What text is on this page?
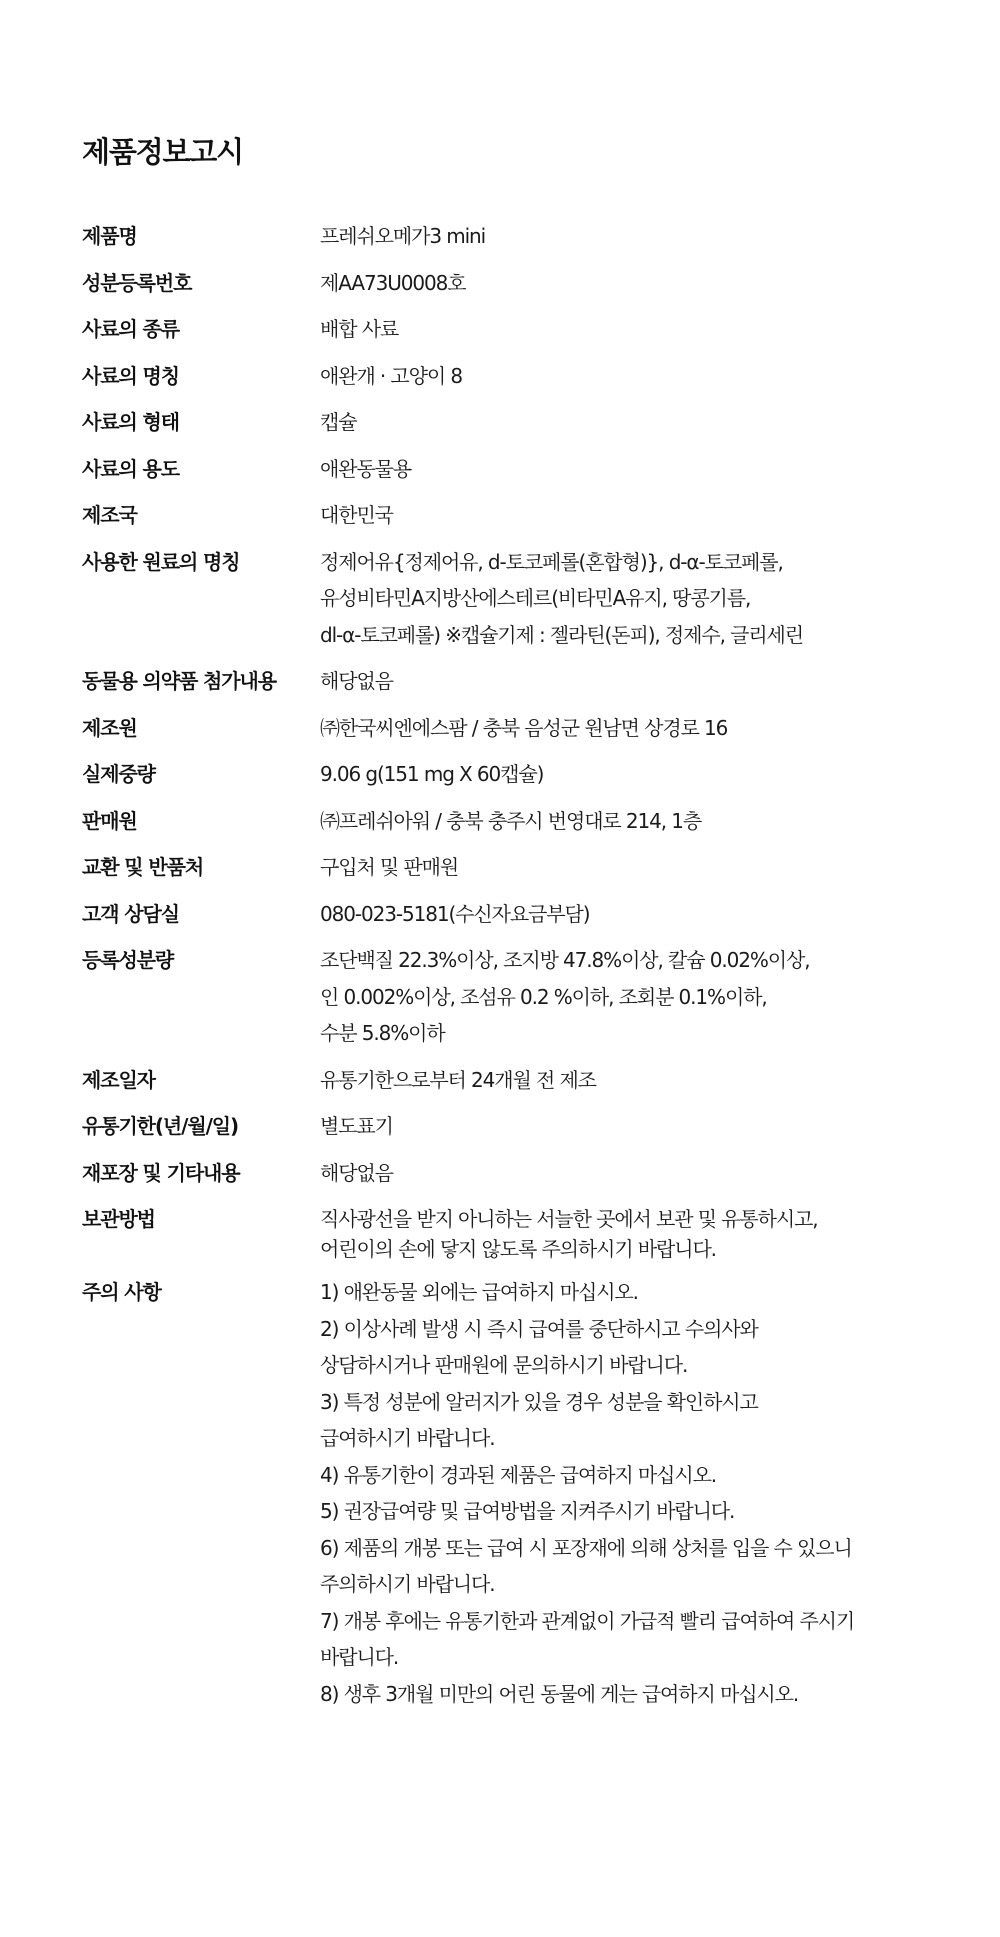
제품정보고시
제품명	프레쉬오메가3 mini
성분등록번호	제AA73U0008호
사료의 종류	배합 사료
사료의 명칭	애완개 · 고양이 8
사료의 형태	캡슐
사료의 용도	애완동물용
제조국	대한민국
사용한 원료의 명칭	정제어유{정제어유, d-토코페롤(혼합형)}, d-α-토코페롤,
유성비타민A지방산에스테르(비타민A유지, 땅콩기름,
dl-α-토코페롤) ※캡슐기제 : 젤라틴(돈피), 정제수, 글리세린
동물용 의약품 첨가내용	해당없음
제조원	㈜한국씨엔에스팜 / 충북 음성군 원남면 상경로 16
실제중량	9.06 g(151 mg X 60캡슐)
판매원	㈜프레쉬아워 / 충북 충주시 번영대로 214, 1층
교환 및 반품처	구입처 및 판매원
고객 상담실	080-023-5181(수신자요금부담)
등록성분량	조단백질 22.3%이상, 조지방 47.8%이상, 칼슘 0.02%이상,
인 0.002%이상, 조섬유 0.2 %이하, 조회분 0.1%이하,
수분 5.8%이하
제조일자	유통기한으로부터 24개월 전 제조
유통기한(년/월/일)	별도표기
재포장 및 기타내용	해당없음
보관방법	직사광선을 받지 아니하는 서늘한 곳에서 보관 및 유통하시고,
어린이의 손에 닿지 않도록 주의하시기 바랍니다.
주의 사항	1) 애완동물 외에는 급여하지 마십시오.
2) 이상사례 발생 시 즉시 급여를 중단하시고 수의사와
상담하시거나 판매원에 문의하시기 바랍니다.
3) 특정 성분에 알러지가 있을 경우 성분을 확인하시고
급여하시기 바랍니다.
4) 유통기한이 경과된 제품은 급여하지 마십시오.
5) 권장급여량 및 급여방법을 지켜주시기 바랍니다.
6) 제품의 개봉 또는 급여 시 포장재에 의해 상처를 입을 수 있으니
주의하시기 바랍니다.
7) 개봉 후에는 유통기한과 관계없이 가급적 빨리 급여하여 주시기
바랍니다.
8) 생후 3개월 미만의 어린 동물에 게는 급여하지 마십시오.
